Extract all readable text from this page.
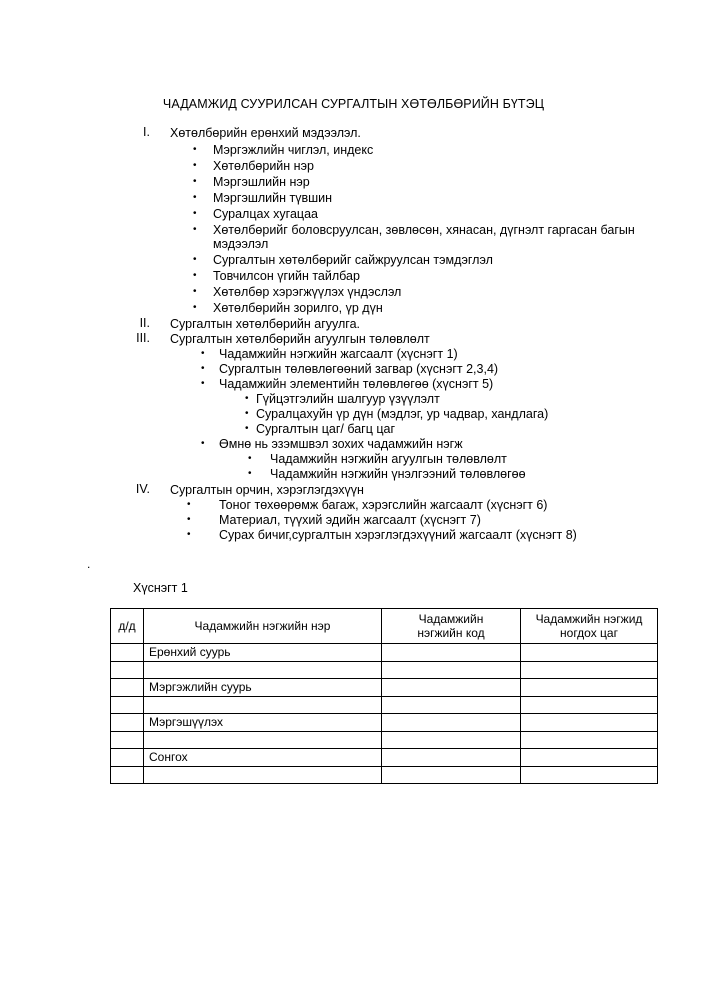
ЧАДАМЖИД СУУРИЛСАН СУРГАЛТЫН ХӨТӨЛБӨРИЙН БҮТЭЦ
I. Хөтөлбөрийн ерөнхий мэдээлэл.
• Мэргэжлийн чиглэл, индекс
• Хөтөлбөрийн нэр
• Мэргэшлийн нэр
• Мэргэшлийн түвшин
• Суралцах хугацаа
• Хөтөлбөрийг боловсруулсан, зөвлөсөн, хянасан, дүгнэлт гаргасан багын
мэдээлэл
• Сургалтын хөтөлбөрийг сайжруулсан тэмдэглэл
• Товчилсон үгийн тайлбар
• Хөтөлбөр хэрэгжүүлэх үндэслэл
• Хөтөлбөрийн зорилго, үр дүн
II. Сургалтын хөтөлбөрийн агуулга.
III. Сургалтын хөтөлбөрийн агуулгын төлөвлөлт
• Чадамжийн нэгжийн жагсаалт (хүснэгт 1)
• Сургалтын төлөвлөгөөний загвар (хүснэгт 2,3,4)
• Чадамжийн элементийн төлөвлөгөө (хүснэгт 5)
• Гүйцэтгэлийн шалгуур үзүүлэлт
• Суралцахуйн үр дүн (мэдлэг, ур чадвар, хандлага)
• Сургалтын цаг/ багц цаг
• Өмнө нь эзэмшвэл зохих чадамжийн нэгж
• Чадамжийн нэгжийн агуулгын төлөвлөлт
• Чадамжийн нэгжийн үнэлгээний төлөвлөгөө
IV. Сургалтын орчин, хэрэглэгдэхүүн
• Тоног төхөөрөмж багаж, хэрэгслийн жагсаалт (хүснэгт 6)
• Материал, түүхий эдийн жагсаалт (хүснэгт 7)
• Сурах бичиг,сургалтын хэрэглэгдэхүүний жагсаалт (хүснэгт 8)
.
Хүснэгт 1
д/д	Чадамжийн нэгжийн нэр	Чадамжийн нэгжийн код	Чадамжийн нэгжид ногдох цаг
	Ерөнхий суурь		

	Мэргэжлийн суурь		

	Мэргэшүүлэх		

	Сонгох		
